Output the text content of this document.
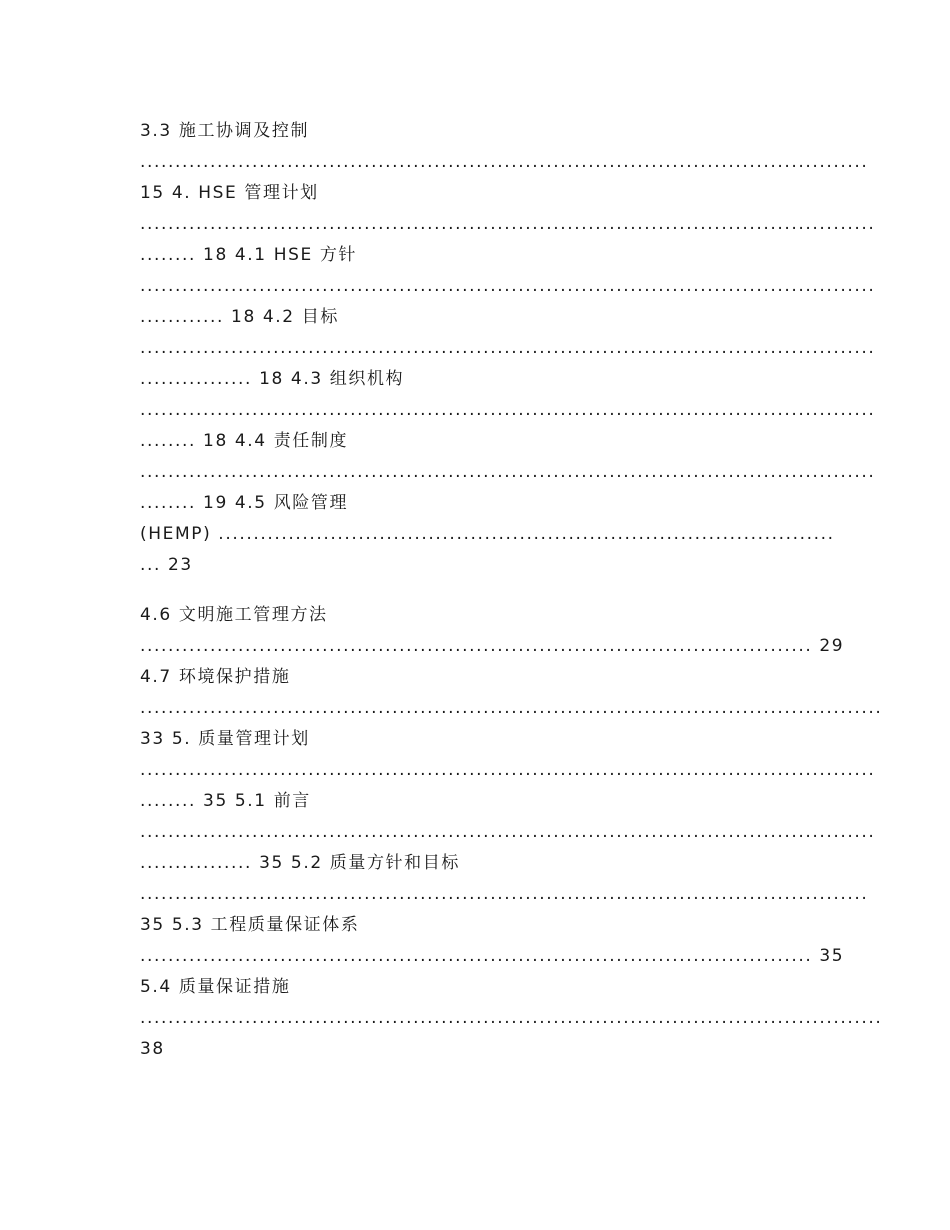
3.3 施工协调及控制
........................................................................................................
15 4. HSE 管理计划
.........................................................................................................
........ 18 4.1 HSE 方针
.........................................................................................................
............ 18 4.2 目标
.........................................................................................................
................ 18 4.3 组织机构
.........................................................................................................
........ 18 4.4 责任制度
.........................................................................................................
........ 19 4.5 风险管理
(HEMP) ........................................................................................
... 23
4.6 文明施工管理方法
................................................................................................ 29
4.7 环境保护措施
..........................................................................................................
33 5. 质量管理计划
.........................................................................................................
........ 35 5.1 前言
.........................................................................................................
................ 35 5.2 质量方针和目标
........................................................................................................
35 5.3 工程质量保证体系
................................................................................................ 35
5.4 质量保证措施
..........................................................................................................
38
